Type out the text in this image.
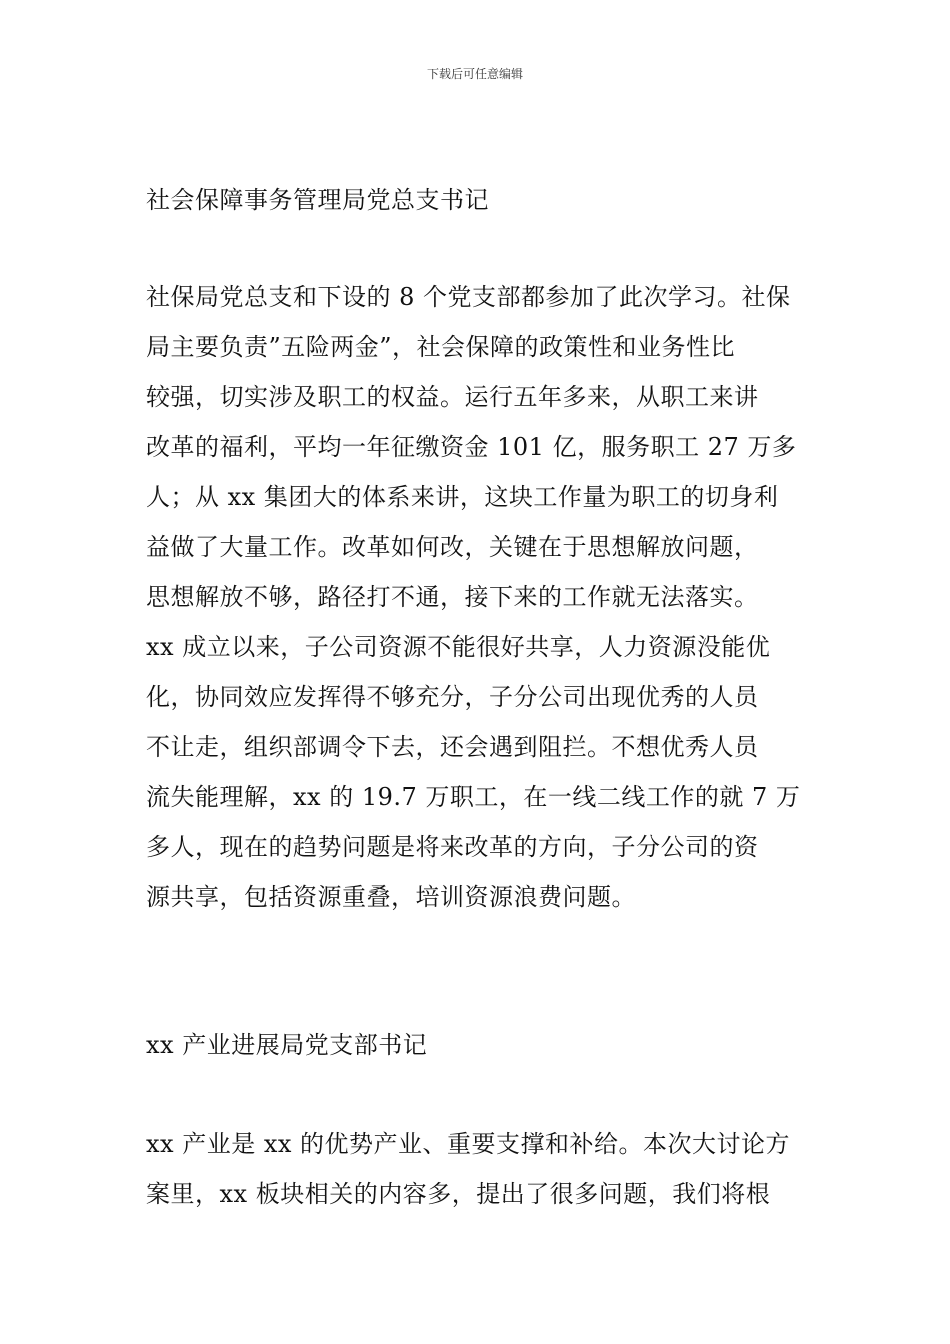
下载后可任意编辑
社会保障事务管理局党总支书记
社保局党总支和下设的 8 个党支部都参加了此次学习。社保
局主要负责”五险两金”，社会保障的政策性和业务性比
较强，切实涉及职工的权益。运行五年多来，从职工来讲
改革的福利，平均一年征缴资金 101 亿，服务职工 27 万多
人；从 xx 集团大的体系来讲，这块工作量为职工的切身利
益做了大量工作。改革如何改，关键在于思想解放问题，
思想解放不够，路径打不通，接下来的工作就无法落实。
xx 成立以来，子公司资源不能很好共享，人力资源没能优
化，协同效应发挥得不够充分，子分公司出现优秀的人员
不让走，组织部调令下去，还会遇到阻拦。不想优秀人员
流失能理解，xx 的 19.7 万职工，在一线二线工作的就 7 万
多人，现在的趋势问题是将来改革的方向，子分公司的资
源共享，包括资源重叠，培训资源浪费问题。
xx 产业进展局党支部书记
xx 产业是 xx 的优势产业、重要支撑和补给。本次大讨论方
案里，xx 板块相关的内容多，提出了很多问题，我们将根
